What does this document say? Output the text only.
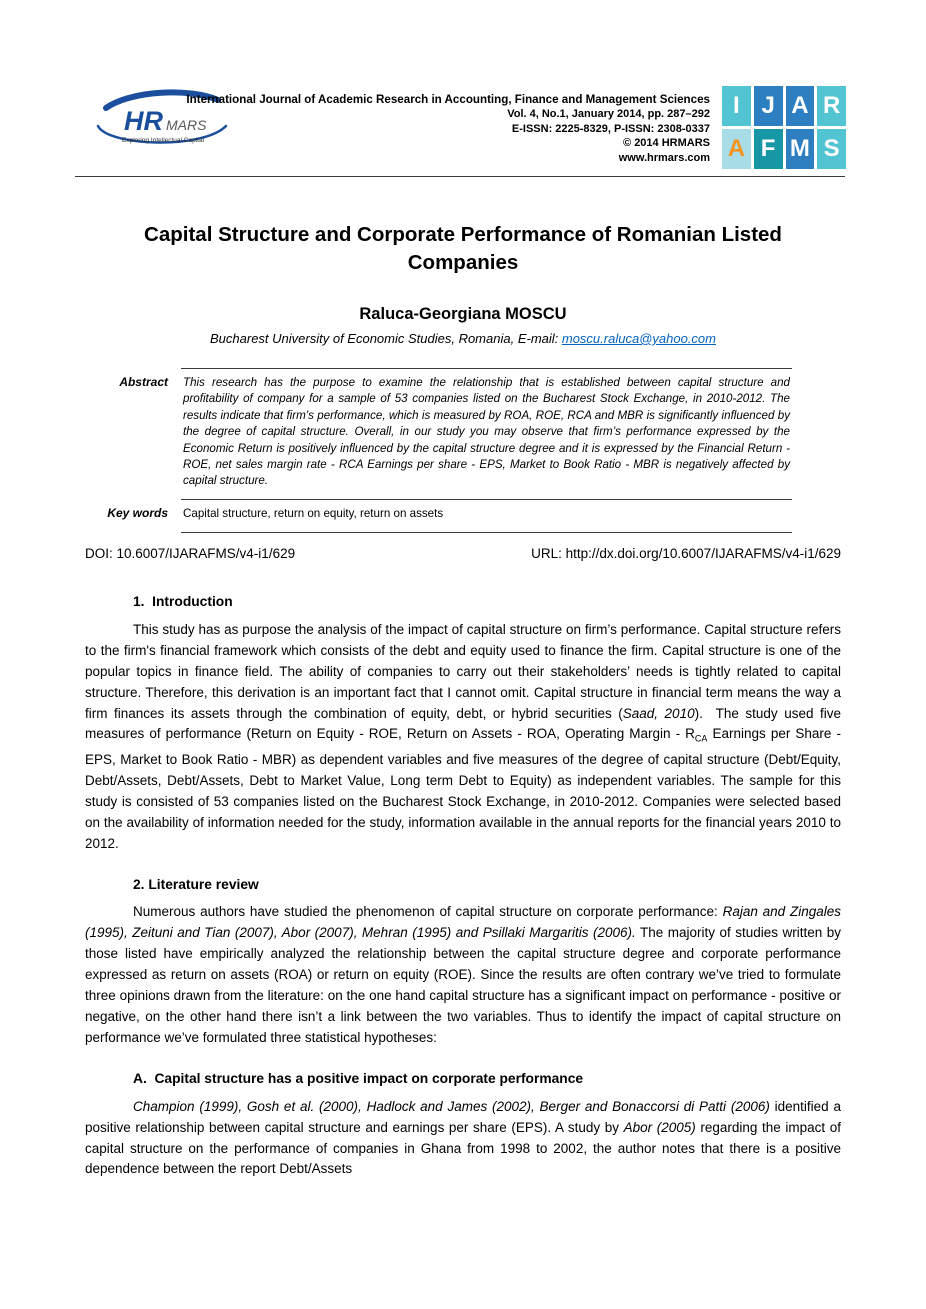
HR MARS
Exploring Intellectual Capital
International Journal of Academic Research in Accounting, Finance and Management Sciences
Vol. 4, No.1, January 2014, pp. 287–292
E-ISSN: 2225-8329, P-ISSN: 2308-0337
© 2014 HRMARS
www.hrmars.com
I J A R
A F M S
Capital Structure and Corporate Performance of Romanian Listed Companies
Raluca-Georgiana MOSCU
Bucharest University of Economic Studies, Romania, E-mail: moscu.raluca@yahoo.com
Abstract This research has the purpose to examine the relationship that is established between capital structure and profitability of company for a sample of 53 companies listed on the Bucharest Stock Exchange, in 2010-2012. The results indicate that firm’s performance, which is measured by ROA, ROE, RCA and MBR is significantly influenced by the degree of capital structure. Overall, in our study you may observe that firm’s performance expressed by the Economic Return is positively influenced by the capital structure degree and it is expressed by the Financial Return - ROE, net sales margin rate - RCA Earnings per share - EPS, Market to Book Ratio - MBR is negatively affected by capital structure.
Key words Capital structure, return on equity, return on assets
DOI: 10.6007/IJARAFMS/v4-i1/629	URL: http://dx.doi.org/10.6007/IJARAFMS/v4-i1/629
1.  Introduction

This study has as purpose the analysis of the impact of capital structure on firm’s performance. Capital structure refers to the firm's financial framework which consists of the debt and equity used to finance the firm. Capital structure is one of the popular topics in finance field. The ability of companies to carry out their stakeholders’ needs is tightly related to capital structure. Therefore, this derivation is an important fact that I cannot omit. Capital structure in financial term means the way a firm finances its assets through the combination of equity, debt, or hybrid securities (Saad, 2010).  The study used five measures of performance (Return on Equity - ROE, Return on Assets - ROA, Operating Margin - $R_{CA}$ Earnings per Share - EPS, Market to Book Ratio - MBR) as dependent variables and five measures of the degree of capital structure (Debt/Equity, Debt/Assets, Debt/Assets, Debt to Market Value, Long term Debt to Equity) as independent variables. The sample for this study is consisted of 53 companies listed on the Bucharest Stock Exchange, in 2010-2012. Companies were selected based on the availability of information needed for the study, information available in the annual reports for the financial years 2010 to 2012.

2. Literature review

Numerous authors have studied the phenomenon of capital structure on corporate performance: Rajan and Zingales (1995), Zeituni and Tian (2007), Abor (2007), Mehran (1995) and Psillaki Margaritis (2006). The majority of studies written by those listed have empirically analyzed the relationship between the capital structure degree and corporate performance expressed as return on assets (ROA) or return on equity (ROE). Since the results are often contrary we’ve tried to formulate three opinions drawn from the literature: on the one hand capital structure has a significant impact on performance - positive or negative, on the other hand there isn’t a link between the two variables. Thus to identify the impact of capital structure on performance we’ve formulated three statistical hypotheses:

A.  Capital structure has a positive impact on corporate performance

Champion (1999), Gosh et al. (2000), Hadlock and James (2002), Berger and Bonaccorsi di Patti (2006) identified a positive relationship between capital structure and earnings per share (EPS). A study by Abor (2005) regarding the impact of capital structure on the performance of companies in Ghana from 1998 to 2002, the author notes that there is a positive dependence between the report Debt/Assets
